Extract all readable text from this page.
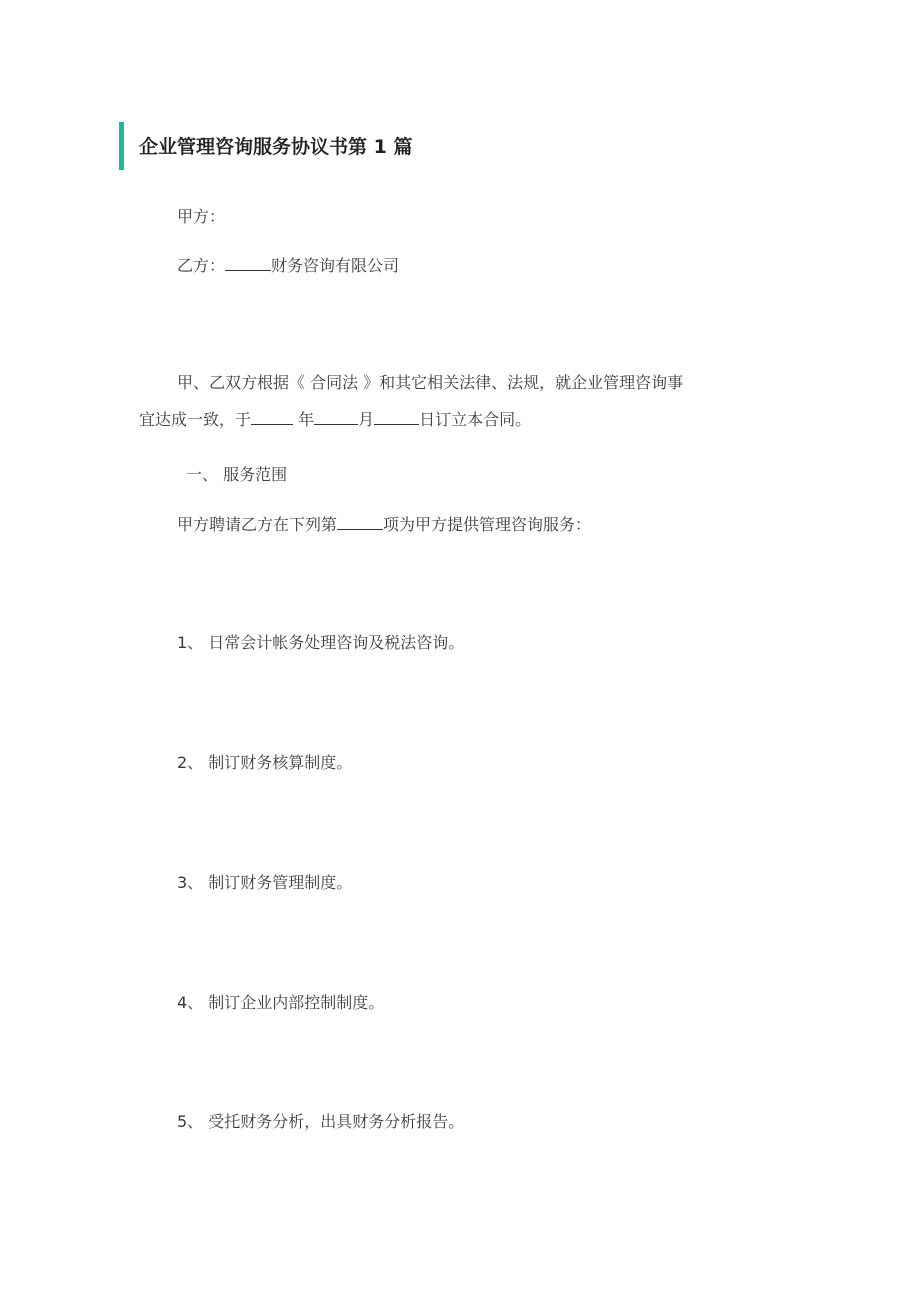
企业管理咨询服务协议书第 1 篇
甲方：
乙方：	财务咨询有限公司
甲、乙双方根据《 合同法 》和其它相关法律、法规，就企业管理咨询事
宜达成一致，于	年	月	日订立本合同。
一、 服务范围
甲方聘请乙方在下列第	项为甲方提供管理咨询服务：
1、 日常会计帐务处理咨询及税法咨询。
2、 制订财务核算制度。
3、 制订财务管理制度。
4、 制订企业内部控制制度。
5、 受托财务分析，出具财务分析报告。
